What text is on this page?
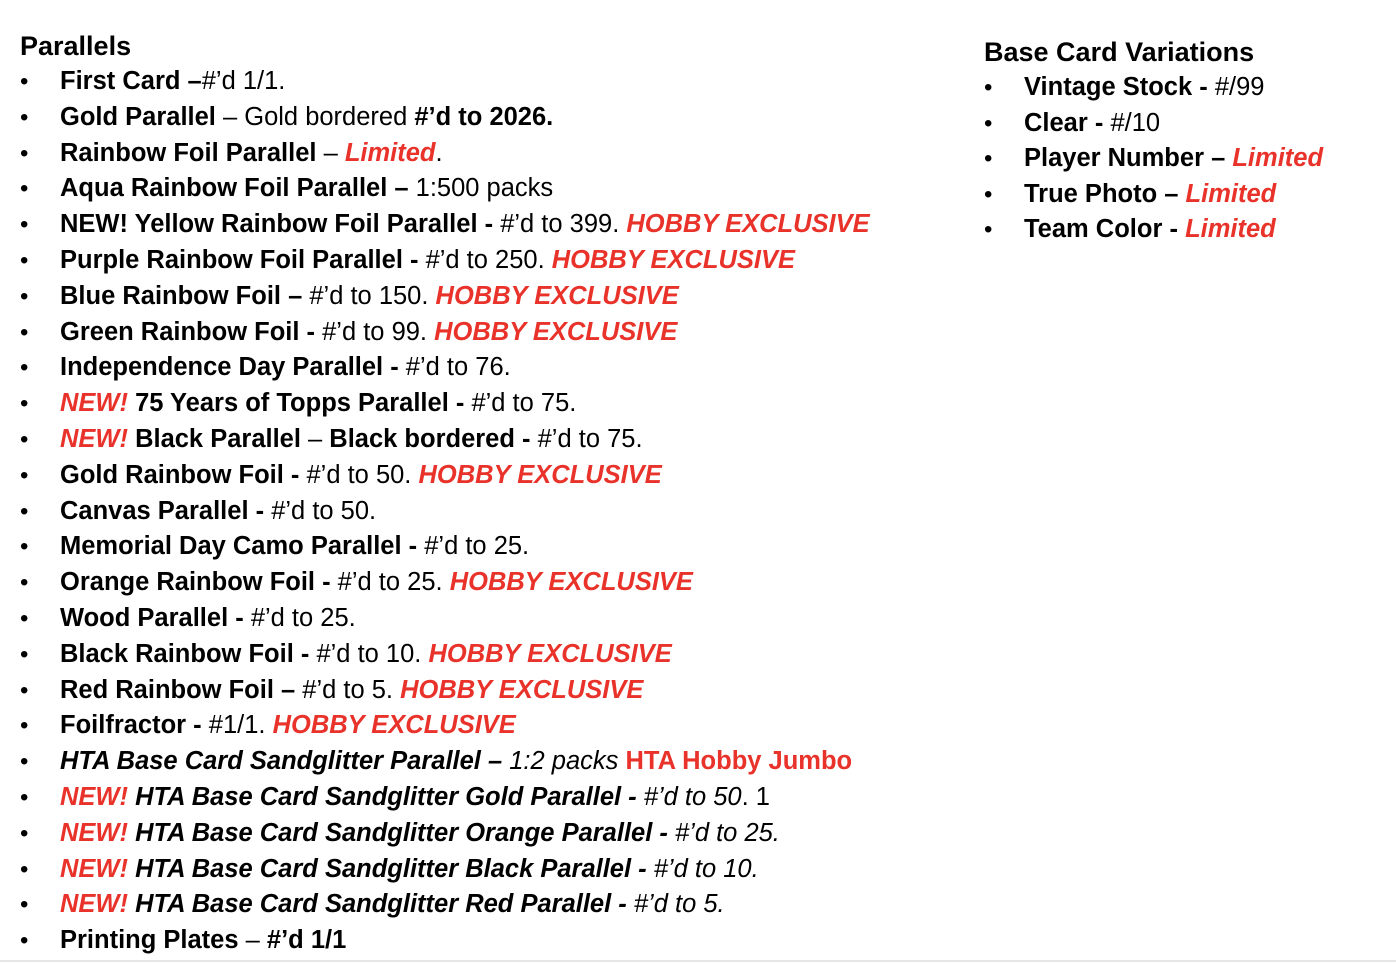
Parallels
• First Card –#’d 1/1.
• Gold Parallel – Gold bordered #’d to 2026.
• Rainbow Foil Parallel – Limited.
• Aqua Rainbow Foil Parallel – 1:500 packs
• NEW! Yellow Rainbow Foil Parallel - #’d to 399. HOBBY EXCLUSIVE
• Purple Rainbow Foil Parallel - #’d to 250. HOBBY EXCLUSIVE
• Blue Rainbow Foil – #’d to 150. HOBBY EXCLUSIVE
• Green Rainbow Foil - #’d to 99. HOBBY EXCLUSIVE
• Independence Day Parallel - #’d to 76.
• NEW! 75 Years of Topps Parallel - #’d to 75.
• NEW! Black Parallel – Black bordered - #’d to 75.
• Gold Rainbow Foil - #’d to 50. HOBBY EXCLUSIVE
• Canvas Parallel - #’d to 50.
• Memorial Day Camo Parallel - #’d to 25.
• Orange Rainbow Foil - #’d to 25. HOBBY EXCLUSIVE
• Wood Parallel - #’d to 25.
• Black Rainbow Foil - #’d to 10. HOBBY EXCLUSIVE
• Red Rainbow Foil – #’d to 5. HOBBY EXCLUSIVE
• Foilfractor - #1/1. HOBBY EXCLUSIVE
• HTA Base Card Sandglitter Parallel – 1:2 packs HTA Hobby Jumbo
• NEW! HTA Base Card Sandglitter Gold Parallel - #’d to 50. 1
• NEW! HTA Base Card Sandglitter Orange Parallel - #’d to 25.
• NEW! HTA Base Card Sandglitter Black Parallel - #’d to 10.
• NEW! HTA Base Card Sandglitter Red Parallel - #’d to 5.
• Printing Plates – #’d 1/1
Base Card Variations
• Vintage Stock - #/99
• Clear - #/10
• Player Number – Limited
• True Photo – Limited
• Team Color - Limited
